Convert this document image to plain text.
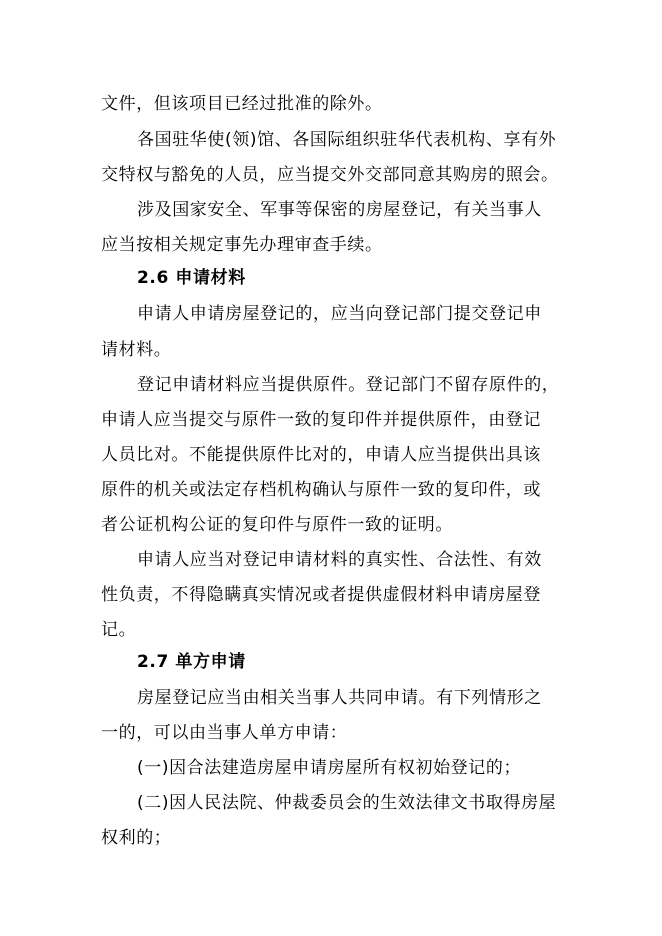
文件，但该项目已经过批准的除外。
各国驻华使(领)馆、各国际组织驻华代表机构、享有外
交特权与豁免的人员，应当提交外交部同意其购房的照会。
涉及国家安全、军事等保密的房屋登记，有关当事人
应当按相关规定事先办理审查手续。
2.6 申请材料
申请人申请房屋登记的，应当向登记部门提交登记申
请材料。
登记申请材料应当提供原件。登记部门不留存原件的，
申请人应当提交与原件一致的复印件并提供原件，由登记
人员比对。不能提供原件比对的，申请人应当提供出具该
原件的机关或法定存档机构确认与原件一致的复印件，或
者公证机构公证的复印件与原件一致的证明。
申请人应当对登记申请材料的真实性、合法性、有效
性负责，不得隐瞒真实情况或者提供虚假材料申请房屋登
记。
2.7 单方申请
房屋登记应当由相关当事人共同申请。有下列情形之
一的，可以由当事人单方申请：
(一)因合法建造房屋申请房屋所有权初始登记的；
(二)因人民法院、仲裁委员会的生效法律文书取得房屋
权利的；
